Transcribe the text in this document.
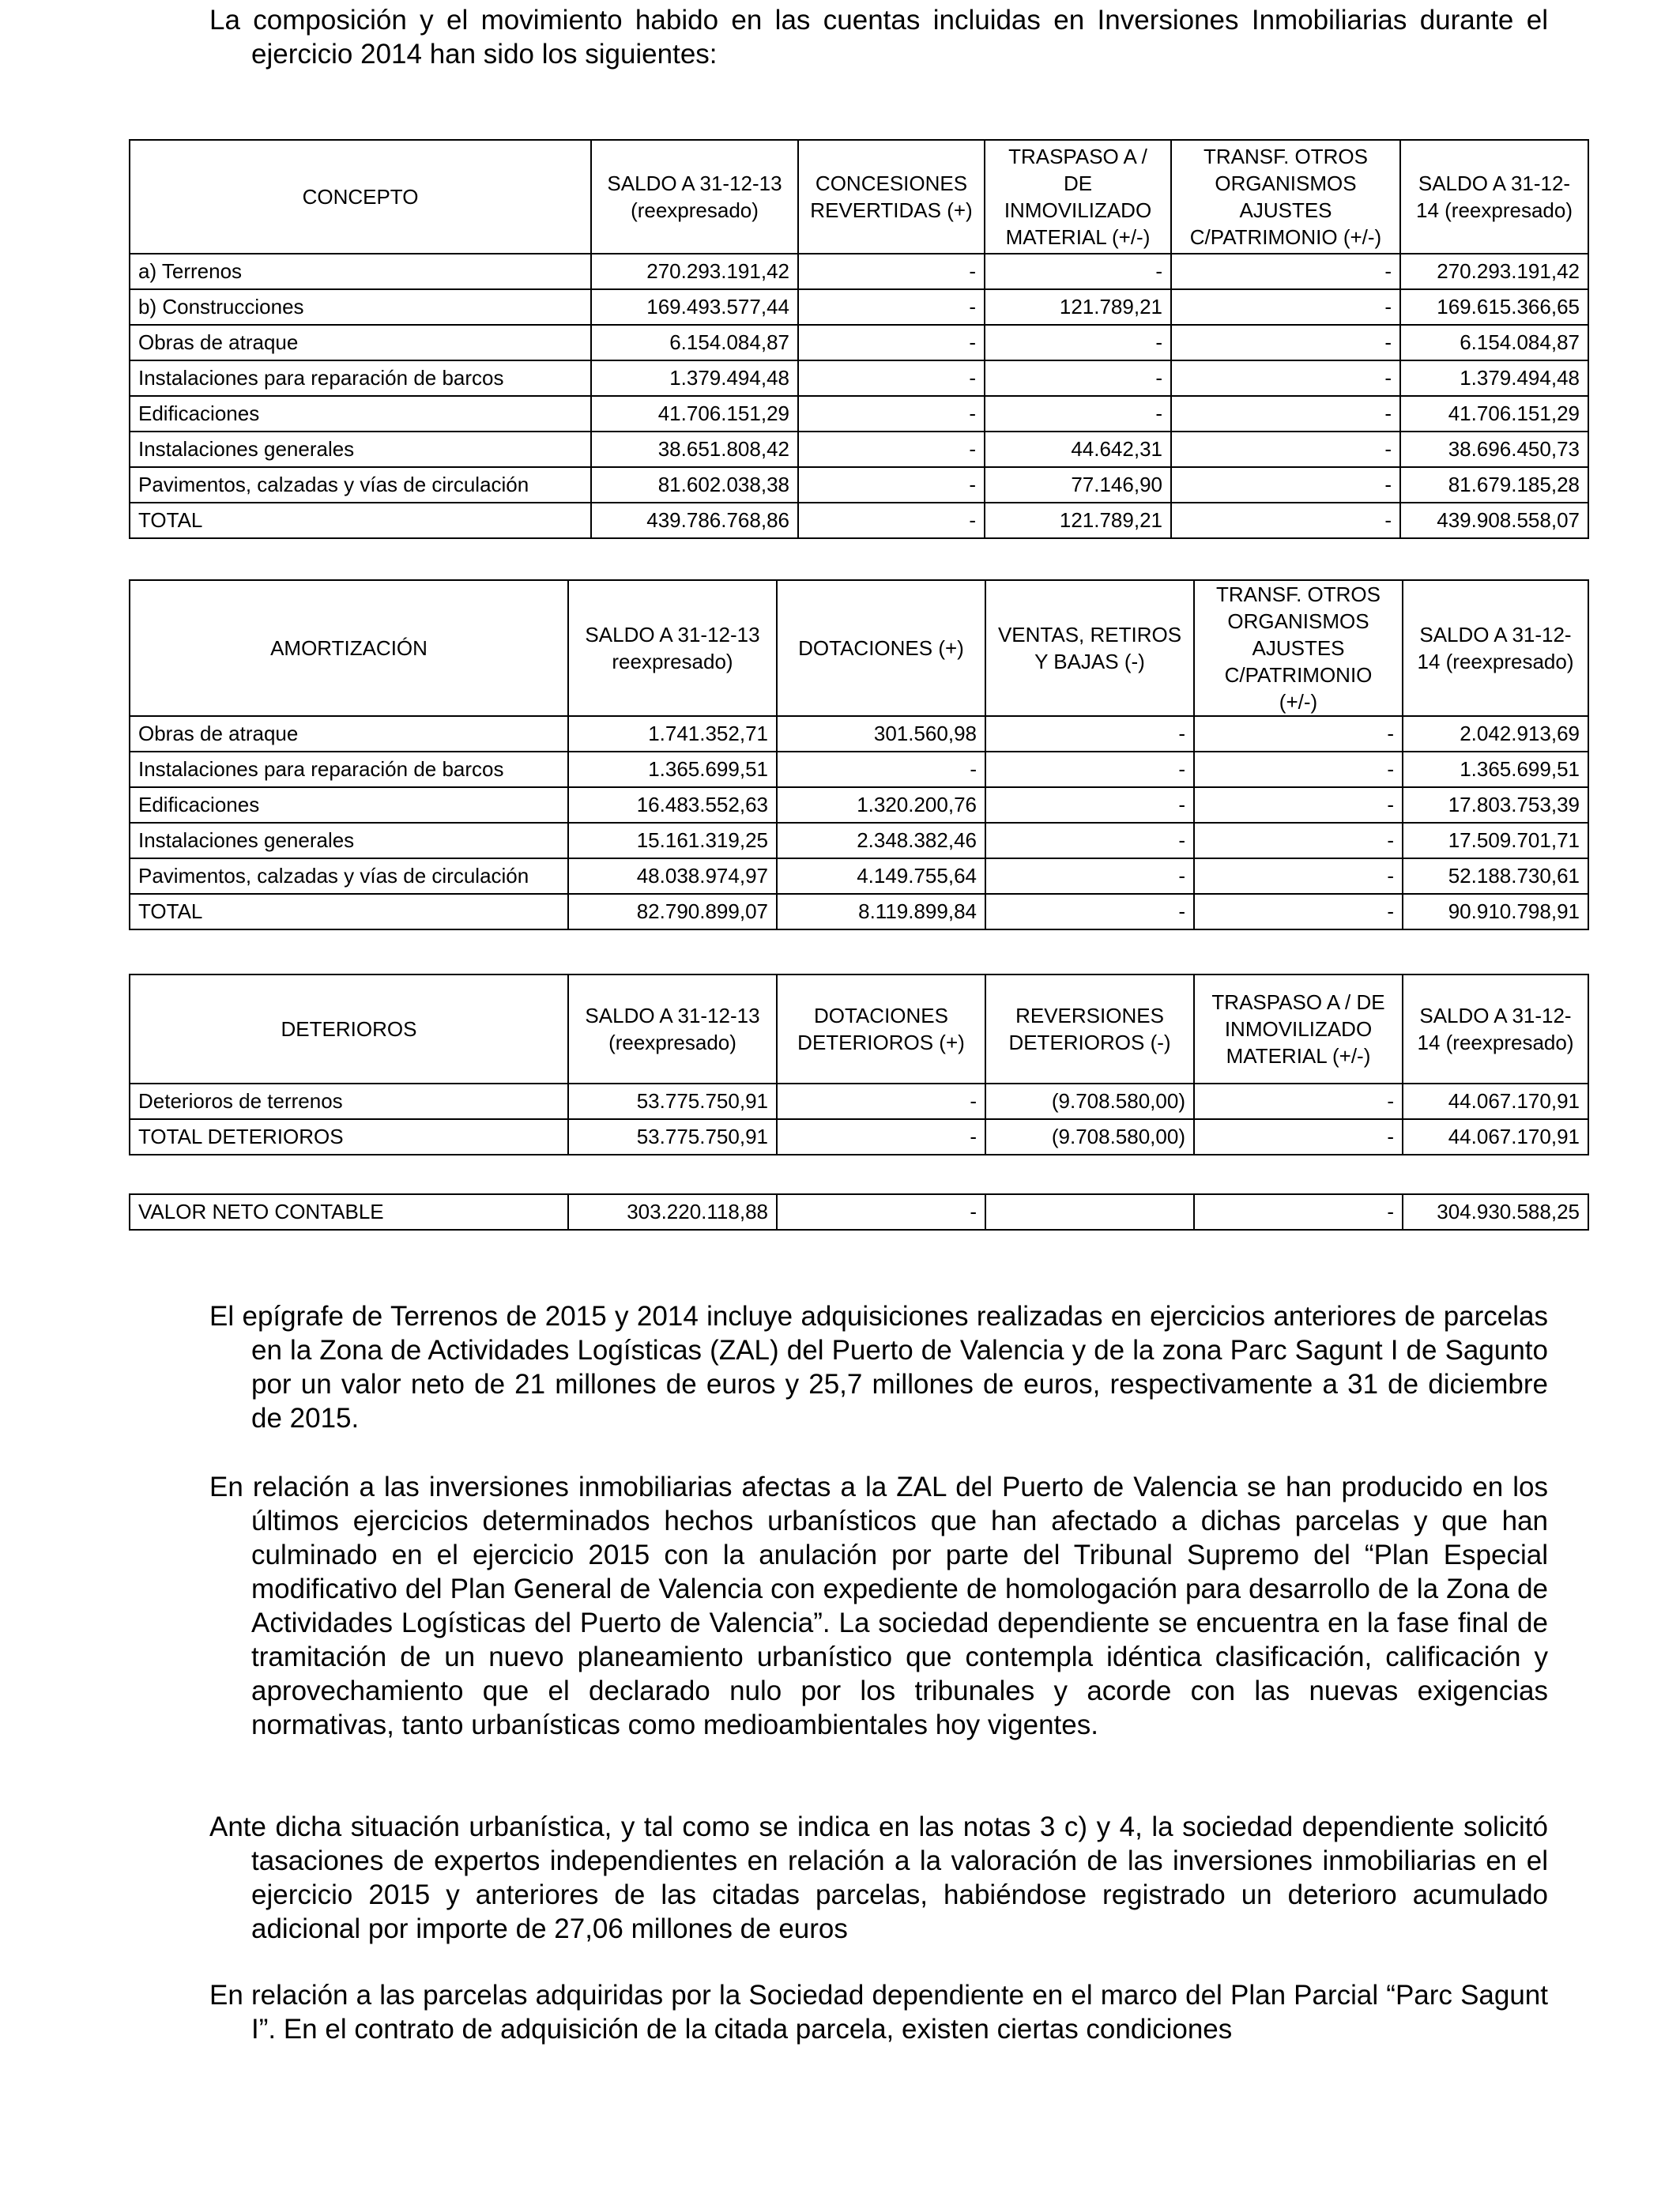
La composición y el movimiento habido en las cuentas incluidas en Inversiones Inmobiliarias durante el ejercicio 2014 han sido los siguientes:

CONCEPTO	SALDO A 31-12-13 (reexpresado)	CONCESIONES REVERTIDAS (+)	TRASPASO A / DE INMOVILIZADO MATERIAL (+/-)	TRANSF. OTROS ORGANISMOS AJUSTES C/PATRIMONIO (+/-)	SALDO A 31-12-14 (reexpresado)
a) Terrenos	270.293.191,42	-	-	-	270.293.191,42
b) Construcciones	169.493.577,44	-	121.789,21	-	169.615.366,65
Obras de atraque	6.154.084,87	-	-	-	6.154.084,87
Instalaciones para reparación de barcos	1.379.494,48	-	-	-	1.379.494,48
Edificaciones	41.706.151,29	-	-	-	41.706.151,29
Instalaciones generales	38.651.808,42	-	44.642,31	-	38.696.450,73
Pavimentos, calzadas y vías de circulación	81.602.038,38	-	77.146,90	-	81.679.185,28
TOTAL	439.786.768,86	-	121.789,21	-	439.908.558,07
AMORTIZACIÓN	SALDO A 31-12-13 reexpresado)	DOTACIONES (+)	VENTAS, RETIROS Y BAJAS (-)	TRANSF. OTROS ORGANISMOS AJUSTES C/PATRIMONIO (+/-)	SALDO A 31-12-14 (reexpresado)
Obras de atraque	1.741.352,71	301.560,98	-	-	2.042.913,69
Instalaciones para reparación de barcos	1.365.699,51	-	-	-	1.365.699,51
Edificaciones	16.483.552,63	1.320.200,76	-	-	17.803.753,39
Instalaciones generales	15.161.319,25	2.348.382,46	-	-	17.509.701,71
Pavimentos, calzadas y vías de circulación	48.038.974,97	4.149.755,64	-	-	52.188.730,61
TOTAL	82.790.899,07	8.119.899,84	-	-	90.910.798,91
DETERIOROS	SALDO A 31-12-13 (reexpresado)	DOTACIONES DETERIOROS (+)	REVERSIONES DETERIOROS (-)	TRASPASO A / DE INMOVILIZADO MATERIAL (+/-)	SALDO A 31-12-14 (reexpresado)
Deterioros de terrenos	53.775.750,91	-	(9.708.580,00)	-	44.067.170,91
TOTAL DETERIOROS	53.775.750,91	-	(9.708.580,00)	-	44.067.170,91
VALOR NETO CONTABLE	303.220.118,88	-		-	304.930.588,25

El epígrafe de Terrenos de 2015 y 2014 incluye adquisiciones realizadas en ejercicios anteriores de parcelas en la Zona de Actividades Logísticas (ZAL) del Puerto de Valencia y de la zona Parc Sagunt I de Sagunto por un valor neto de 21 millones de euros y 25,7 millones de euros, respectivamente a 31 de diciembre de 2015.

En relación a las inversiones inmobiliarias afectas a la ZAL del Puerto de Valencia se han producido en los últimos ejercicios determinados hechos urbanísticos que han afectado a dichas parcelas y que han culminado en el ejercicio 2015 con la anulación por parte del Tribunal Supremo del “Plan Especial modificativo del Plan General de Valencia con expediente de homologación para desarrollo de la Zona de Actividades Logísticas del Puerto de Valencia”. La sociedad dependiente se encuentra en la fase final de tramitación de un nuevo planeamiento urbanístico que contempla idéntica clasificación, calificación y aprovechamiento que el declarado nulo por los tribunales y acorde con las nuevas exigencias normativas, tanto urbanísticas como medioambientales hoy vigentes.

Ante dicha situación urbanística, y tal como se indica en las notas 3 c) y 4, la sociedad dependiente solicitó tasaciones de expertos independientes en relación a la valoración de las inversiones inmobiliarias en el ejercicio 2015 y anteriores de las citadas parcelas, habiéndose registrado un deterioro acumulado adicional por importe de 27,06 millones de euros

En relación a las parcelas adquiridas por la Sociedad dependiente en el marco del Plan Parcial “Parc Sagunt I”. En el contrato de adquisición de la citada parcela, existen ciertas condiciones
